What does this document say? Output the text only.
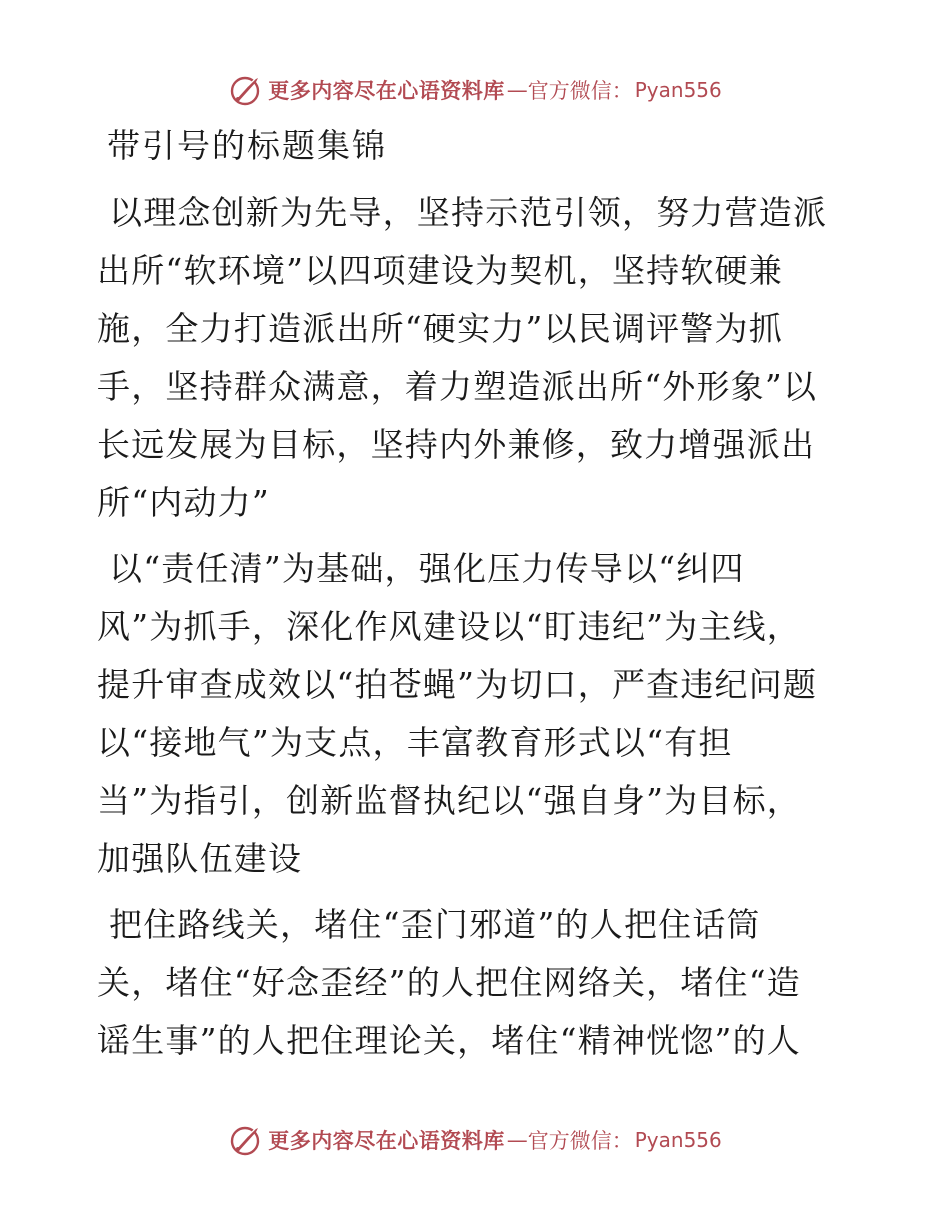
更多内容尽在心语资料库 — 官方微信： Pyan556
带引号的标题集锦
以理念创新为先导，坚持示范引领，努力营造派
出所“软环境”以四项建设为契机，坚持软硬兼
施，全力打造派出所“硬实力”以民调评警为抓
手，坚持群众满意，着力塑造派出所“外形象”以
长远发展为目标，坚持内外兼修，致力增强派出
所“内动力”
以“责任清”为基础，强化压力传导以“纠四
风”为抓手，深化作风建设以“盯违纪”为主线，
提升审查成效以“拍苍蝇”为切口，严查违纪问题
以“接地气”为支点，丰富教育形式以“有担
当”为指引，创新监督执纪以“强自身”为目标，
加强队伍建设
把住路线关，堵住“歪门邪道”的人把住话筒
关，堵住“好念歪经”的人把住网络关，堵住“造
谣生事”的人把住理论关，堵住“精神恍惚”的人
更多内容尽在心语资料库 — 官方微信： Pyan556
